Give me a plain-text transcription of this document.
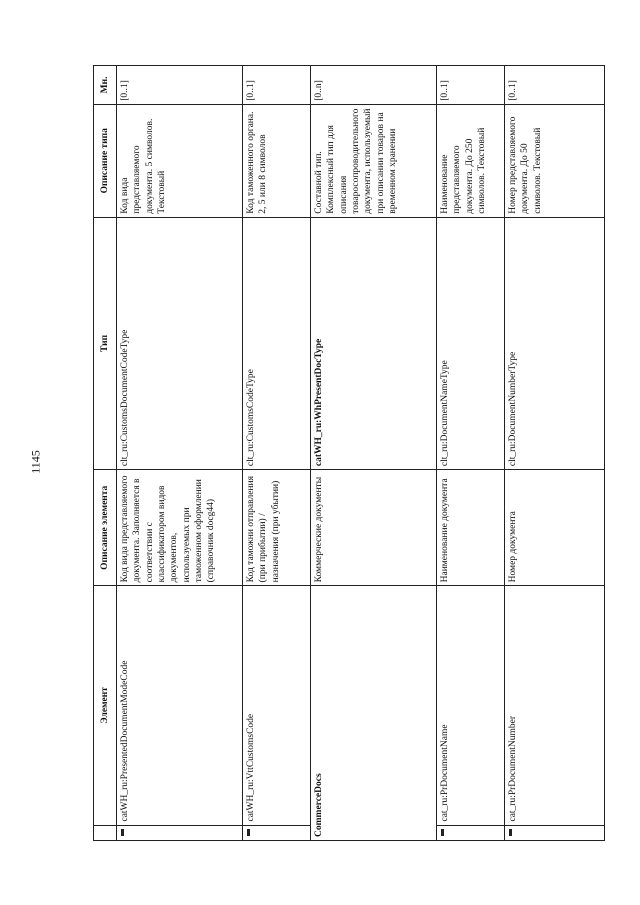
1145
	Элемент	Описание элемента	Тип	Описание типа	Мн.

	catWH_ru:PresentedDocumentModeCode	Код вида представляемого документа. Заполняется в соответствии с классификатором видов документов, используемых при таможенном оформлении (справочник docg44)	clt_ru:CustomsDocumentCodeType	Код вида представляемого документа. 5 символов. Текстовый	[0..1]

	catWH_ru:VttCustomsCode	Код таможни отправления (при прибытии) / назначения (при убытии)	clt_ru:CustomsCodeType	Код таможенного органа. 2, 5 или 8 символов	[0..1]
CommerceDocs		Коммерческие документы	catWH_ru:WhPresentDocType	Составной тип. Комплексный тип для описания товаросопроводительного документа, используемый при описании товаров на временном хранении	[0..n]

	cat_ru:PrDocumentName	Наименование документа	clt_ru:DocumentNameType	Наименование представляемого документа. До 250 символов. Текстовый	[0..1]

	cat_ru:PrDocumentNumber	Номер документа	clt_ru:DocumentNumberType	Номер представляемого документа. До 50 символов. Текстовый	[0..1]
